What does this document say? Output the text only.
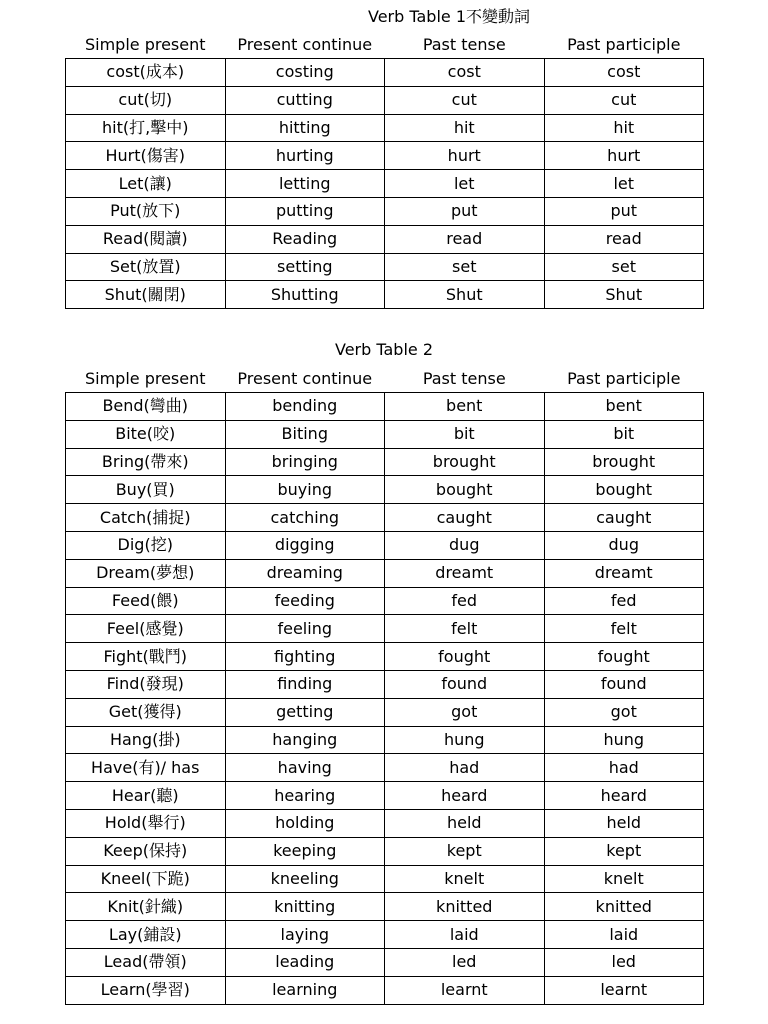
Verb Table 1不變動詞
Simple present	Present continue	Past tense	Past participle
cost(成本)	costing	cost	cost
cut(切)	cutting	cut	cut
hit(打,擊中)	hitting	hit	hit
Hurt(傷害)	hurting	hurt	hurt
Let(讓)	letting	let	let
Put(放下)	putting	put	put
Read(閱讀)	Reading	read	read
Set(放置)	setting	set	set
Shut(關閉)	Shutting	Shut	Shut
Verb Table 2
Simple present	Present continue	Past tense	Past participle
Bend(彎曲)	bending	bent	bent
Bite(咬)	Biting	bit	bit
Bring(帶來)	bringing	brought	brought
Buy(買)	buying	bought	bought
Catch(捕捉)	catching	caught	caught
Dig(挖)	digging	dug	dug
Dream(夢想)	dreaming	dreamt	dreamt
Feed(餵)	feeding	fed	fed
Feel(感覺)	feeling	felt	felt
Fight(戰鬥)	fighting	fought	fought
Find(發現)	finding	found	found
Get(獲得)	getting	got	got
Hang(掛)	hanging	hung	hung
Have(有)/ has	having	had	had
Hear(聽)	hearing	heard	heard
Hold(舉行)	holding	held	held
Keep(保持)	keeping	kept	kept
Kneel(下跪)	kneeling	knelt	knelt
Knit(針織)	knitting	knitted	knitted
Lay(鋪設)	laying	laid	laid
Lead(帶領)	leading	led	led
Learn(學習)	learning	learnt	learnt
